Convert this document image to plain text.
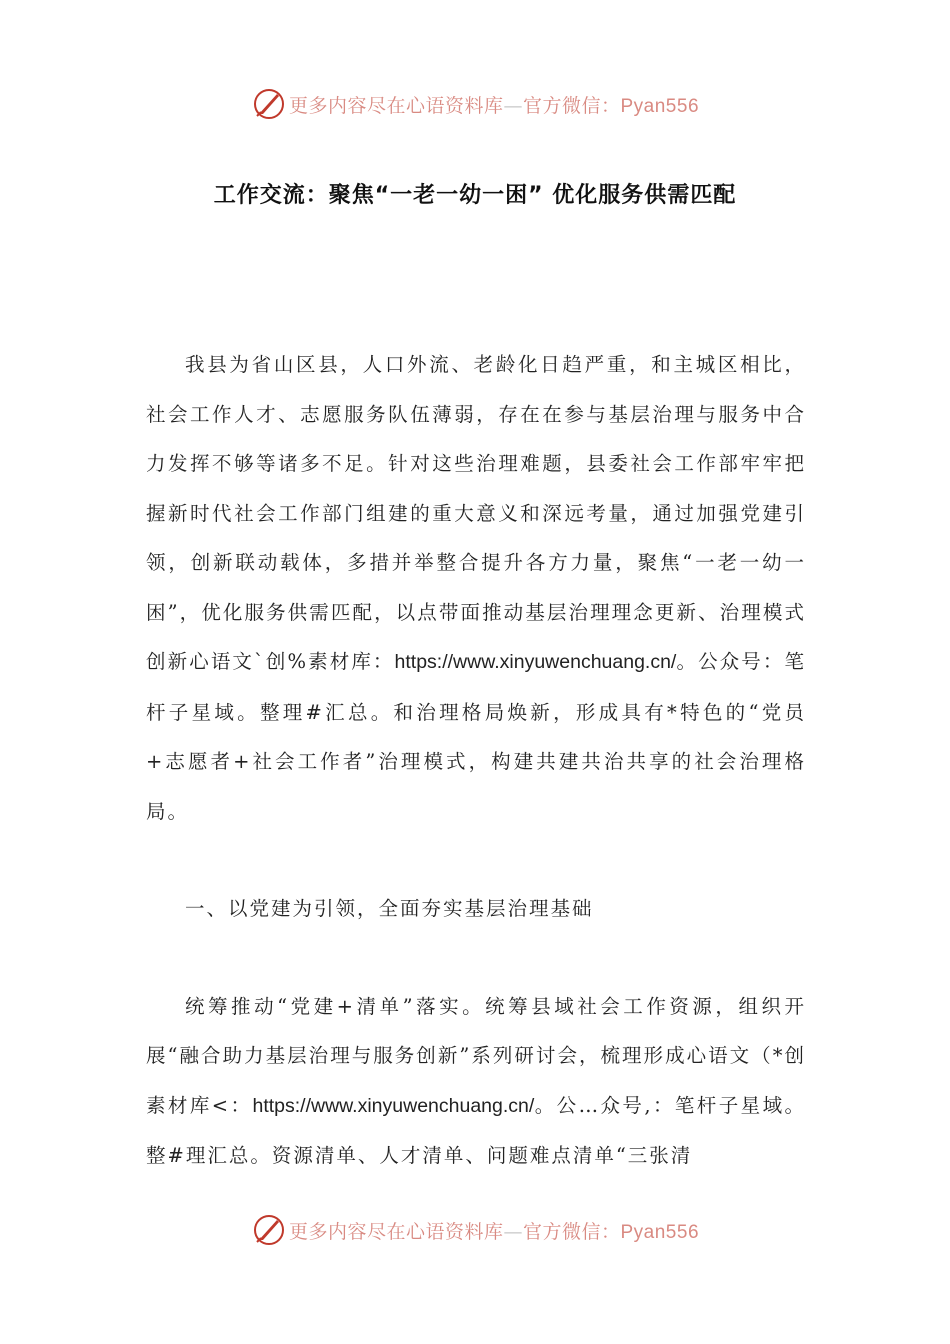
更多内容尽在心语资料库—官方微信：Pyan556
工作交流：聚焦“一老一幼一困” 优化服务供需匹配

我县为省山区县，人口外流、老龄化日趋严重，和主城区相比，社会工作人才、志愿服务队伍薄弱，存在在参与基层治理与服务中合力发挥不够等诸多不足。针对这些治理难题，县委社会工作部牢牢把握新时代社会工作部门组建的重大意义和深远考量，通过加强党建引领，创新联动载体，多措并举整合提升各方力量，聚焦“一老一幼一困”，优化服务供需匹配，以点带面推动基层治理理念更新、治理模式创新心语文`创%素材库：https://www.xinyuwenchuang.cn/。公众号：笔杆子星域。整理#汇总。和治理格局焕新，形成具有*特色的“党员+志愿者+社会工作者”治理模式，构建共建共治共享的社会治理格局。

一、以党建为引领，全面夯实基层治理基础

统筹推动“党建+清单”落实。统筹县域社会工作资源，组织开展“融合助力基层治理与服务创新”系列研讨会，梳理形成心语文（*创素材库<：https://www.xinyuwenchuang.cn/。公…众号,：笔杆子星域。整#理汇总。资源清单、人才清单、问题难点清单“三张清

更多内容尽在心语资料库—官方微信：Pyan556
